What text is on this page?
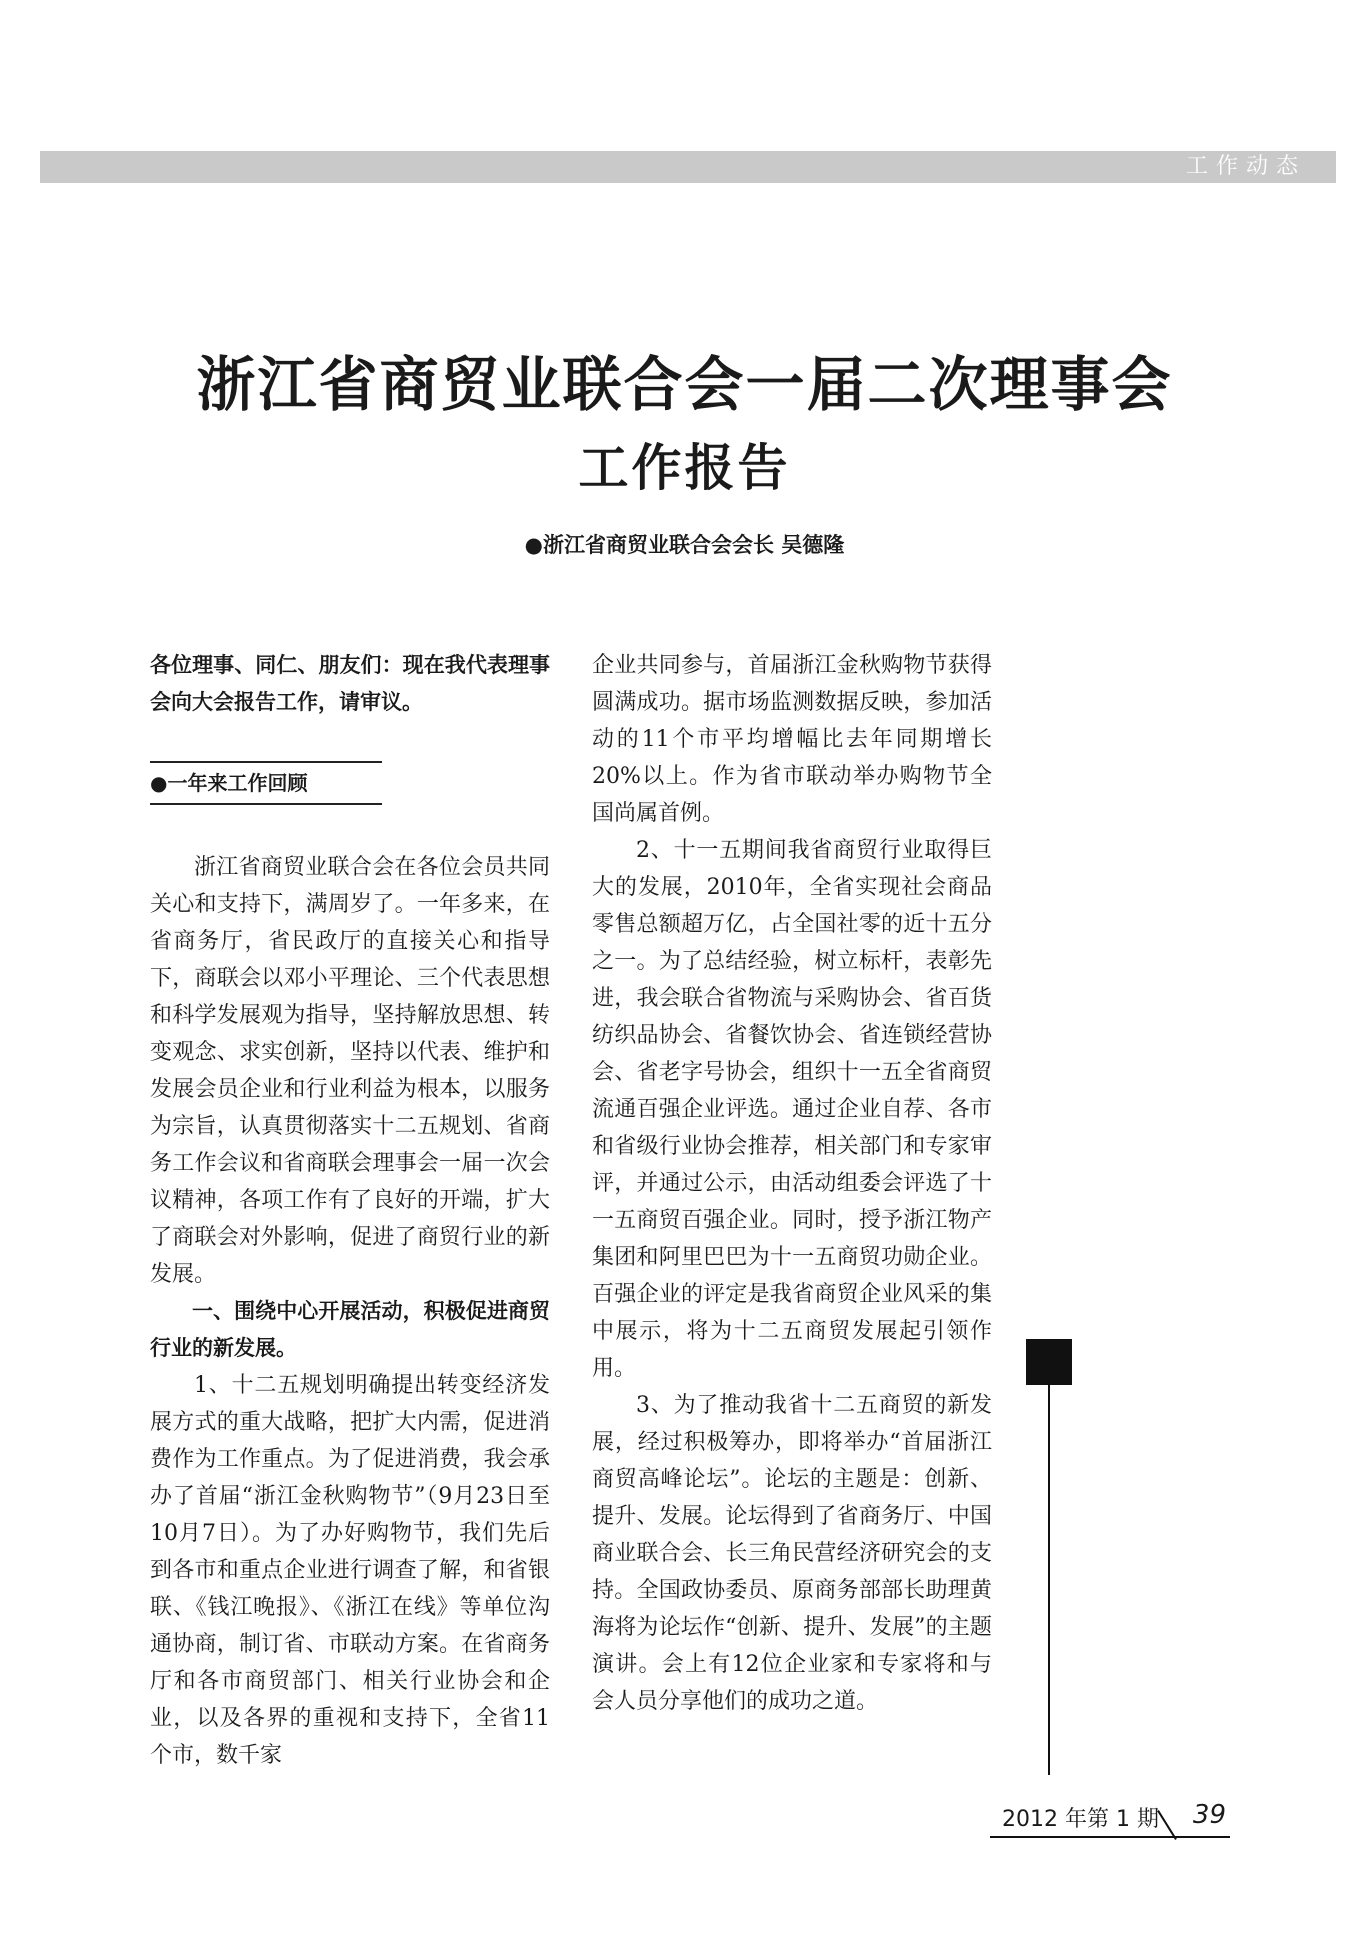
工作动态
浙江省商贸业联合会一届二次理事会
工作报告
●浙江省商贸业联合会会长 吴德隆

各位理事、同仁、朋友们：现在我代表理事会向大会报告工作，请审议。

●一年来工作回顾

浙江省商贸业联合会在各位会员共同关心和支持下，满周岁了。一年多来，在省商务厅，省民政厅的直接关心和指导下，商联会以邓小平理论、三个代表思想和科学发展观为指导，坚持解放思想、转变观念、求实创新，坚持以代表、维护和发展会员企业和行业利益为根本，以服务为宗旨，认真贯彻落实十二五规划、省商务工作会议和省商联会理事会一届一次会议精神，各项工作有了良好的开端，扩大了商联会对外影响，促进了商贸行业的新发展。

一、围绕中心开展活动，积极促进商贸行业的新发展。

1、十二五规划明确提出转变经济发展方式的重大战略，把扩大内需，促进消费作为工作重点。为了促进消费，我会承办了首届“浙江金秋购物节”（9月23日至10月7日）。为了办好购物节，我们先后到各市和重点企业进行调查了解，和省银联、《钱江晚报》、《浙江在线》等单位沟通协商，制订省、市联动方案。在省商务厅和各市商贸部门、相关行业协会和企业，以及各界的重视和支持下，全省11个市，数千家

企业共同参与，首届浙江金秋购物节获得圆满成功。据市场监测数据反映，参加活动的11个市平均增幅比去年同期增长20%以上。作为省市联动举办购物节全国尚属首例。

2、十一五期间我省商贸行业取得巨大的发展，2010年，全省实现社会商品零售总额超万亿，占全国社零的近十五分之一。为了总结经验，树立标杆，表彰先进，我会联合省物流与采购协会、省百货纺织品协会、省餐饮协会、省连锁经营协会、省老字号协会，组织十一五全省商贸流通百强企业评选。通过企业自荐、各市和省级行业协会推荐，相关部门和专家审评，并通过公示，由活动组委会评选了十一五商贸百强企业。同时，授予浙江物产集团和阿里巴巴为十一五商贸功勋企业。百强企业的评定是我省商贸企业风采的集中展示，将为十二五商贸发展起引领作用。

3、为了推动我省十二五商贸的新发展，经过积极筹办，即将举办“首届浙江商贸高峰论坛”。论坛的主题是：创新、提升、发展。论坛得到了省商务厅、中国商业联合会、长三角民营经济研究会的支持。全国政协委员、原商务部部长助理黄海将为论坛作“创新、提升、发展”的主题演讲。会上有12位企业家和专家将和与会人员分享他们的成功之道。

2012 年第 1 期 39
